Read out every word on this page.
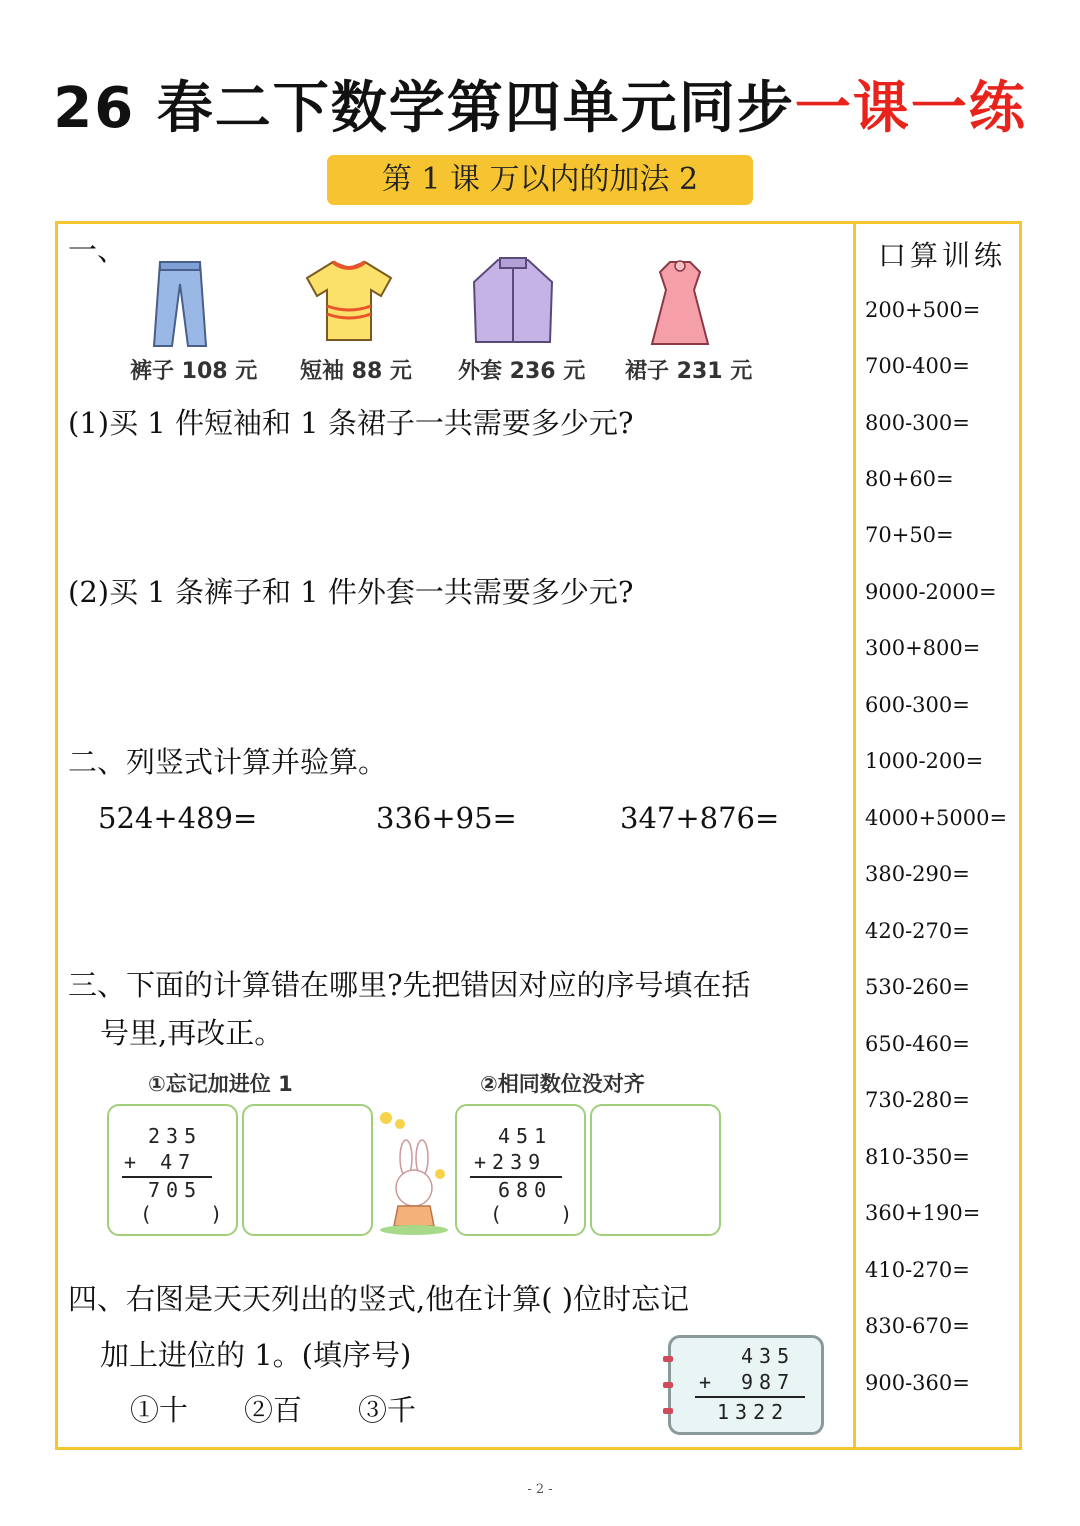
26 春二下数学第四单元同步一课一练
第 1 课 万以内的加法 2
一、
裤子 108 元 短袖 88 元 外套 236 元 裙子 231 元
(1)买 1 件短袖和 1 条裙子一共需要多少元?
(2)买 1 条裤子和 1 件外套一共需要多少元?
二、列竖式计算并验算。
524+489=	336+95=	347+876=
三、下面的计算错在哪里?先把错因对应的序号填在括
号里,再改正。
①忘记加进位 1	②相同数位没对齐
235
+ 47
705
(    )
451
+239
680
(    )
四、右图是天天列出的竖式,他在计算( )位时忘记
加上进位的 1。(填序号)
①十 ②百 ③千
435
+ 987
1322
口算训练
200+500=
700-400=
800-300=
80+60=
70+50=
9000-2000=
300+800=
600-300=
1000-200=
4000+5000=
380-290=
420-270=
530-260=
650-460=
730-280=
810-350=
360+190=
410-270=
830-670=
900-360=
- 2 -
